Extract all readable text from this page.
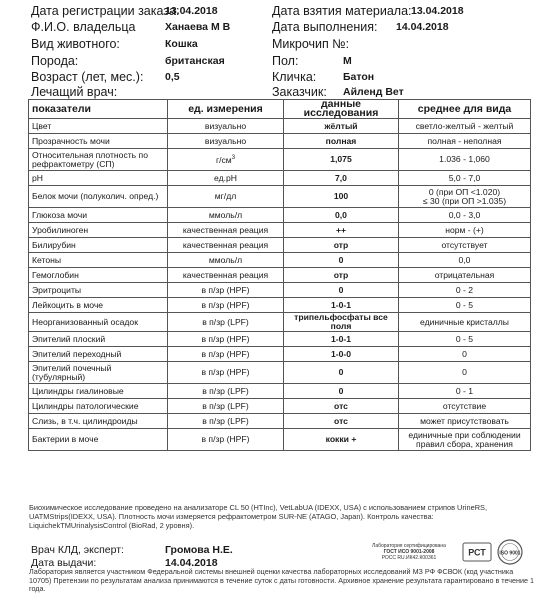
Дата регистрации заказа:
13.04.2018	Дата взятия материала: 13.04.2018
Ф.И.О. владельца	Ханаева М В	Дата выполнения: 14.04.2018
Вид животного:	Кошка	Микрочип №:
Порода:	британская	Пол:	М
Возраст (лет, мес.): 0,5	Кличка:	Батон
Лечащий врач:	Заказчик: Айленд Вет
показатели	ед. измерения	данные исследования	среднее для вида
Цвет	визуально	жёлтый	светло-желтый - желтый
Прозрачность мочи	визуально	полная	полная - неполная
Относительная плотность по рефрактометру (СП)	$г/см^3$	1,075	1.036 - 1,060
рН	ед.рН	7,0	5,0 - 7,0
Белок мочи (полуколич. опред.)	мг/дл	100	0 (при ОП <1.020)
≤ 30 (при ОП >1.035)
Глюкоза мочи	ммоль/л	0,0	0,0 - 3,0
Уробилиноген	качественная реация	++	норм - (+)
Билирубин	качественная реация	отр	отсутствует
Кетоны	ммоль/л	0	0,0
Гемоглобин	качественная реация	отр	отрицательная
Эритроциты	в п/зр (HPF)	0	0 - 2
Лейкоцить в моче	в п/зр (HPF)	1-0-1	0 - 5
Неорганизованный осадок	в п/зр (LPF)	трипельфосфаты все поля	единичные кристаллы
Эпителий плоский	в п/зр (HPF)	1-0-1	0 - 5
Эпителий переходный	в п/зр (HPF)	1-0-0	0
Эпителий почечный (тубулярный)	в п/зр (HPF)	0	0
Цилиндры гиалиновые	в п/зр (LPF)	0	0 - 1
Цилиндры патологические	в п/зр (LPF)	отс	отсутствие
Слизь, в т.ч. цилиндроиды	в п/зр (LPF)	отс	может присутствовать
Бактерии в моче	в п/зр (HPF)	кокки +	единичные при соблюдении
правил сбора, хранения
Биохимическое исследование проведено на анализаторе CL 50 (HTInc), VetLabUA (IDEXX, USA) с использованием стрипов UrineRS, UATMStrips(IDEXX, USA). Плотность мочи измеряется рефрактометром SUR-NE (ATAGO, Japan). Контроль качества: LiquichekTMUrinalysisControl (BioRad, 2 уровня).
Врач КЛД, эксперт:	Громова Н.Е.
Дата выдачи:	14.04.2018
Лаборатория сертифицирована
ГОСТ ИСО 9001-2008
РОСС RU.ИК42.К00361
РСТ	ISO 9001
Лаборатория является участником Федеральной системы внешней оценки качества лабораторных исследований МЗ РФ ФСВОК (код участника 10705) Претензии по результатам анализа принимаются в течение суток с даты готовности. Архивное хранение результата гарантировано в течение 1 года.
